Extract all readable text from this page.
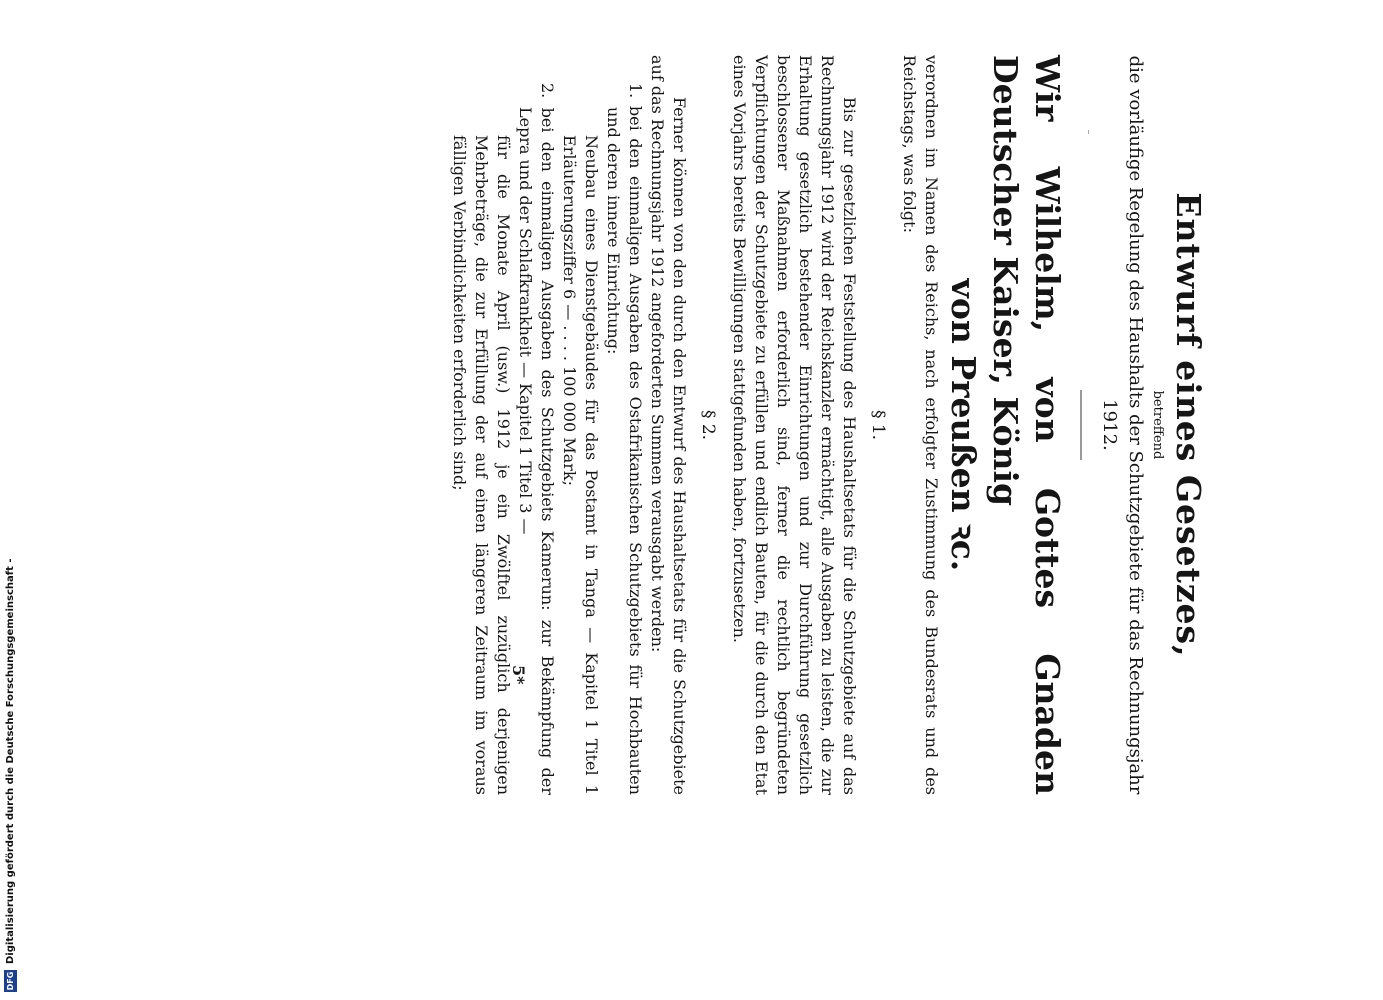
Entwurf eines Gesetzes,

betreffend

die vorläufige Regelung des Haushalts der Schutzgebiete für das Rechnungsjahr 1912.

Wir Wilhelm, von Gottes Gnaden Deutscher Kaiser, König
von Preußen ꝛc.

verordnen im Namen des Reichs, nach erfolgter Zustimmung des Bundesrats und des Reichstags, was folgt:

§ 1.

Bis zur gesetzlichen Feststellung des Haushaltsetats für die Schutzgebiete auf das Rechnungsjahr 1912 wird der Reichskanzler ermächtigt, alle Ausgaben zu leisten, die zur Erhaltung gesetzlich bestehender Einrichtungen und zur Durchführung gesetzlich beschlossener Maßnahmen erforderlich sind, ferner die rechtlich begründeten Verpflichtungen der Schutzgebiete zu erfüllen und endlich Bauten, für die durch den Etat eines Vorjahrs bereits Bewilligungen stattgefunden haben, fortzusetzen.

§ 2.

Ferner können von den durch den Entwurf des Haushaltsetats für die Schutzgebiete auf das Rechnungsjahr 1912 angeforderten Summen verausgabt werden:

1. bei den einmaligen Ausgaben des Ostafrikanischen Schutzgebiets für Hochbauten und deren innere Einrichtung:

Neubau eines Dienstgebäudes für das Postamt in Tanga — Kapitel 1 Titel 1 Erläuterungsziffer 6 — . . . . 100 000 Mark;

2. bei den einmaligen Ausgaben des Schutzgebiets Kamerun: zur Bekämpfung der Lepra und der Schlafkrankheit — Kapitel 1 Titel 3 —

für die Monate April (usw.) 1912 je ein Zwölftel zuzüglich derjenigen Mehrbeträge, die zur Erfüllung der auf einen längeren Zeitraum im voraus fälligen Verbindlichkeiten erforderlich sind;

5*
DFG
Digitalisierung gefördert durch die Deutsche Forschungsgemeinschaft -
